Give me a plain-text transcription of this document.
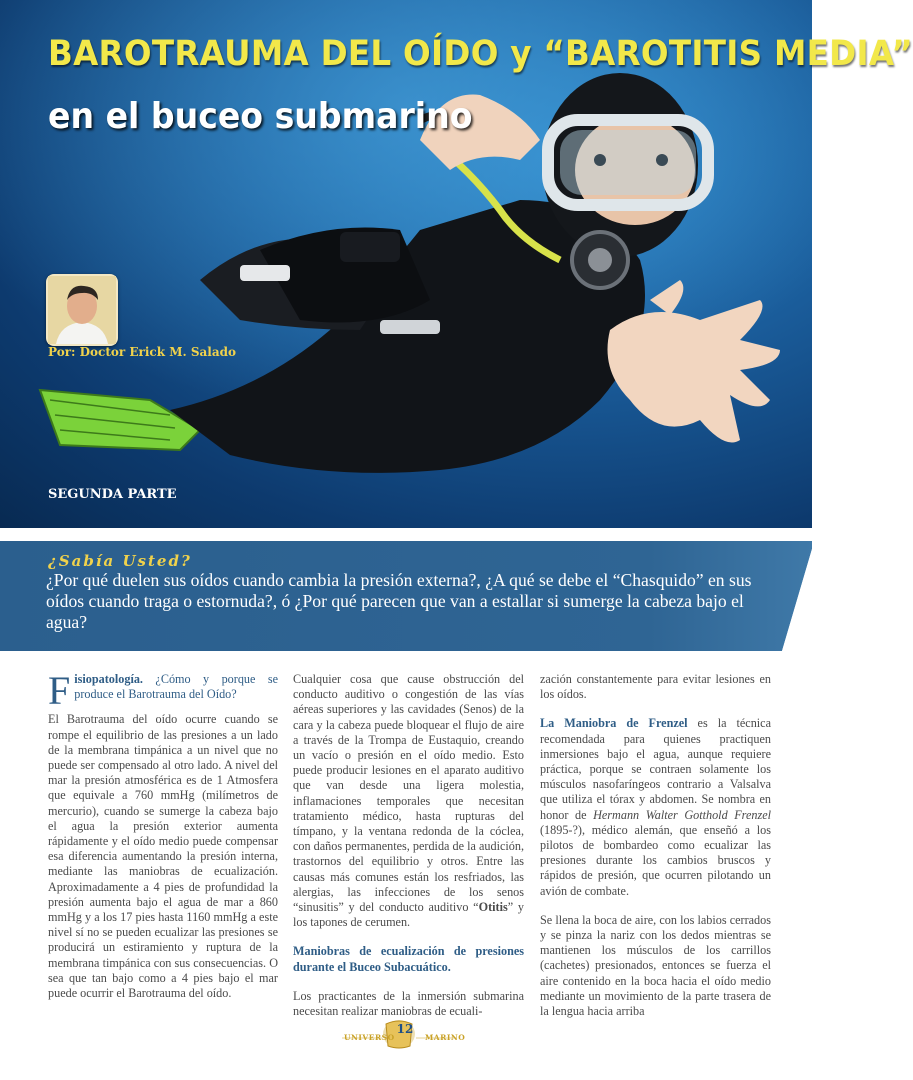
BAROTRAUMA DEL OÍDO y “BAROTITIS MEDIA”
en el buceo submarino
Por: Doctor Erick M. Salado
SEGUNDA PARTE
¿Sabía Usted?
¿Por qué duelen sus oídos cuando cambia la presión externa?, ¿A qué se debe el “Chasquido” en sus oídos cuando traga o estornuda?, ó ¿Por qué parecen que van a estallar si sumerge la cabeza bajo el agua?

Fisiopatología. ¿Cómo y porque se produce el Barotrauma del Oído?

El Barotrauma del oído ocurre cuando se rompe el equilibrio de las presiones a un lado de la membrana timpánica a un nivel que no puede ser compensado al otro lado. A nivel del mar la presión atmosférica es de 1 Atmosfera que equivale a 760 mmHg (milímetros de mercurio), cuando se sumerge la cabeza bajo el agua la presión exterior aumenta rápidamente y el oído medio puede compensar esa diferencia aumentando la presión interna, mediante las maniobras de ecualización. Aproximadamente a 4 pies de profundidad la presión aumenta bajo el agua de mar a 860 mmHg y a los 17 pies hasta 1160 mmHg a este nivel sí no se pueden ecualizar las presiones se producirá un estiramiento y ruptura de la membrana timpánica con sus consecuencias. O sea que tan bajo como a 4 pies bajo el mar puede ocurrir el Barotrauma del oído.

Cualquier cosa que cause obstrucción del conducto auditivo o congestión de las vías aéreas superiores y las cavidades (Senos) de la cara y la cabeza puede bloquear el flujo de aire a través de la Trompa de Eustaquio, creando un vacío o presión en el oído medio. Esto puede producir lesiones en el aparato auditivo que van desde una ligera molestia, inflamaciones temporales que necesitan tratamiento médico, hasta rupturas del tímpano, y la ventana redonda de la cóclea, con daños permanentes, perdida de la audición, trastornos del equilibrio y otros. Entre las causas más comunes están los resfriados, las alergias, las infecciones de los senos “sinusitis” y del conducto auditivo “Otitis” y los tapones de cerumen.

Maniobras de ecualización de presiones durante el Buceo Subacuático.

Los practicantes de la inmersión submarina necesitan realizar maniobras de ecuali-

zación constantemente para evitar lesiones en los oídos.

La Maniobra de Frenzel es la técnica recomendada para quienes practiquen inmersiones bajo el agua, aunque requiere práctica, porque se contraen solamente los músculos nasofaríngeos contrario a Valsalva que utiliza el tórax y abdomen. Se nombra en honor de Hermann Walter Gotthold Frenzel (1895-?), médico alemán, que enseñó a los pilotos de bombardeo como ecualizar las presiones durante los cambios bruscos y rápidos de presión, que ocurren pilotando un avión de combate.

Se llena la boca de aire, con los labios cerrados y se pinza la nariz con los dedos mientras se mantienen los músculos de los carrillos (cachetes) presionados, entonces se fuerza el aire contenido en la boca hacia el oído medio mediante un movimiento de la parte trasera de la lengua hacia arriba

UNIVERSO
12
MARINO
